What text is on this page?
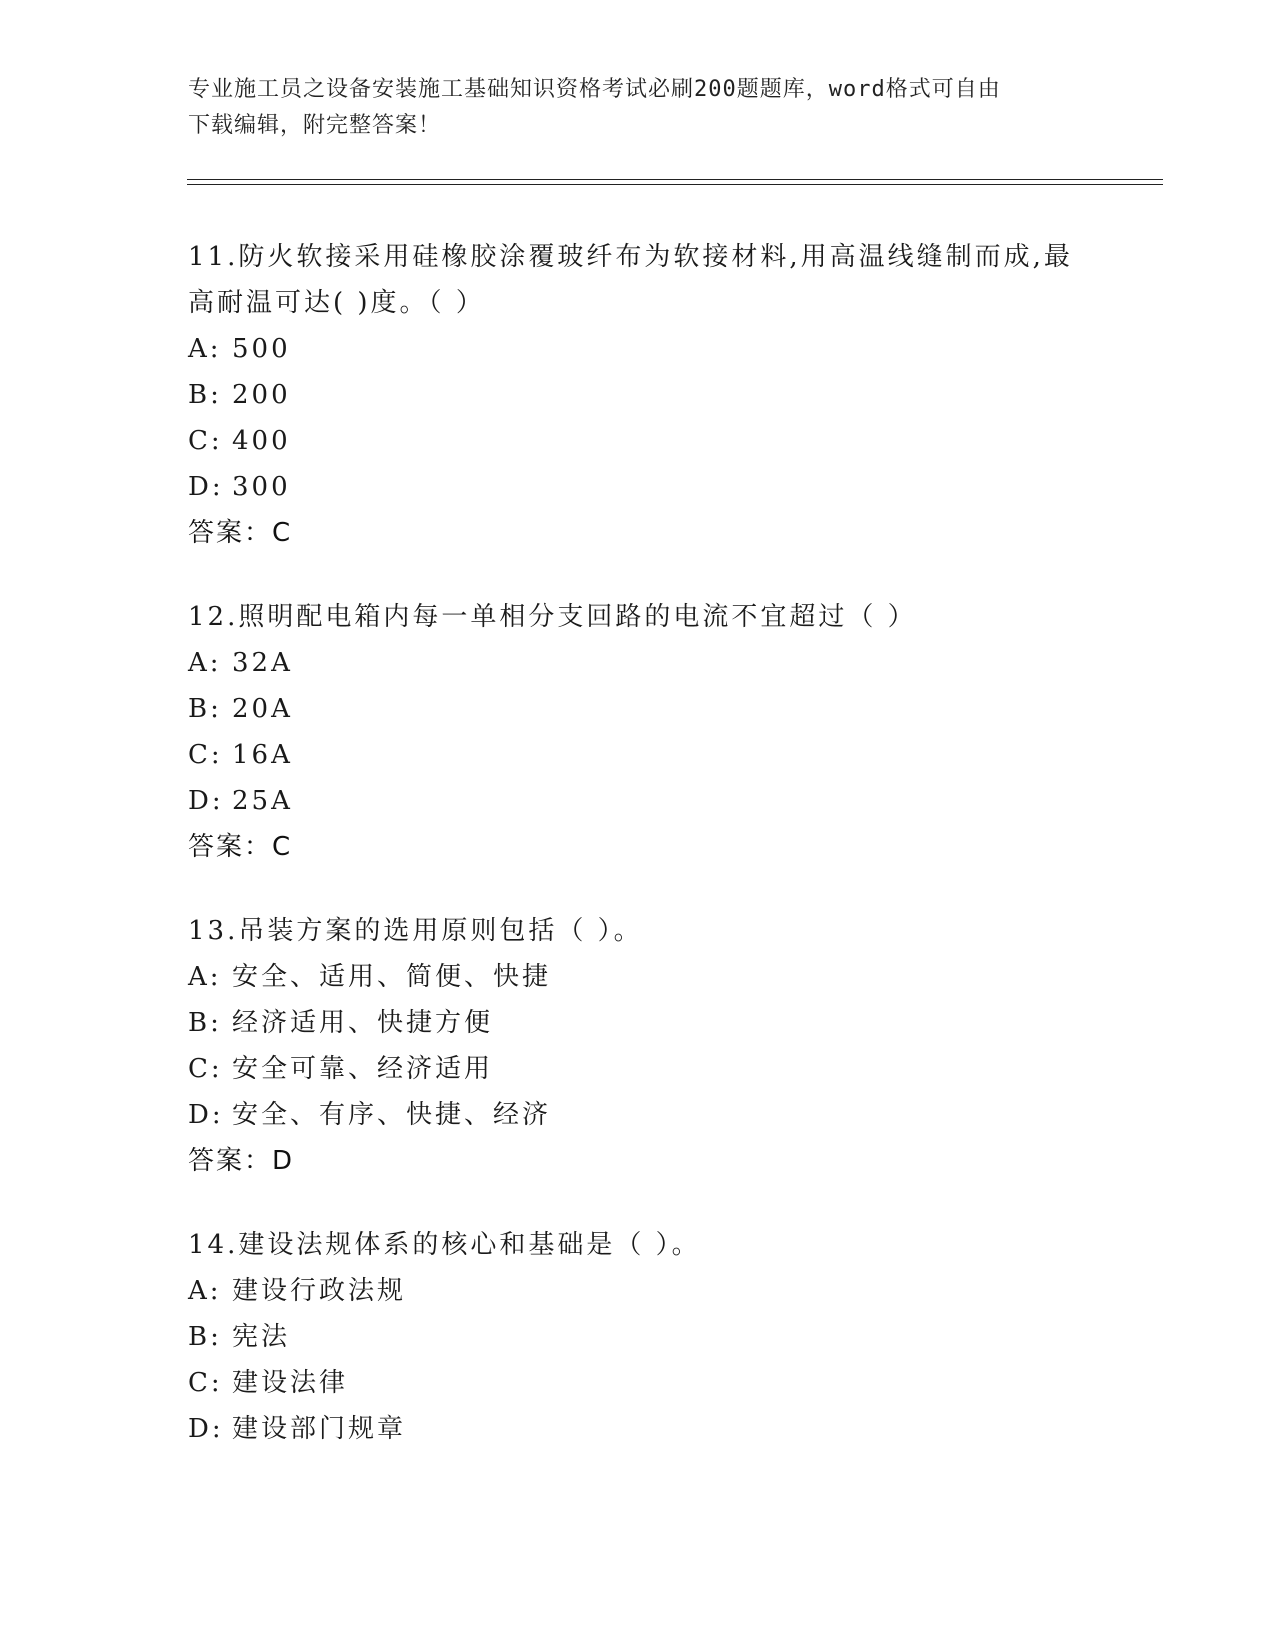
专业施工员之设备安装施工基础知识资格考试必刷200题题库，word格式可自由
下载编辑，附完整答案！
11.防火软接采用硅橡胶涂覆玻纤布为软接材料,用高温线缝制而成,最
高耐温可达( )度。（ ）
A: 500
B: 200
C: 400
D: 300
答案：C
12.照明配电箱内每一单相分支回路的电流不宜超过（ ）
A: 32A
B: 20A
C: 16A
D: 25A
答案：C
13.吊装方案的选用原则包括（ ）。
A: 安全、适用、简便、快捷
B: 经济适用、快捷方便
C: 安全可靠、经济适用
D: 安全、有序、快捷、经济
答案：D
14.建设法规体系的核心和基础是（ ）。
A: 建设行政法规
B: 宪法
C: 建设法律
D: 建设部门规章
